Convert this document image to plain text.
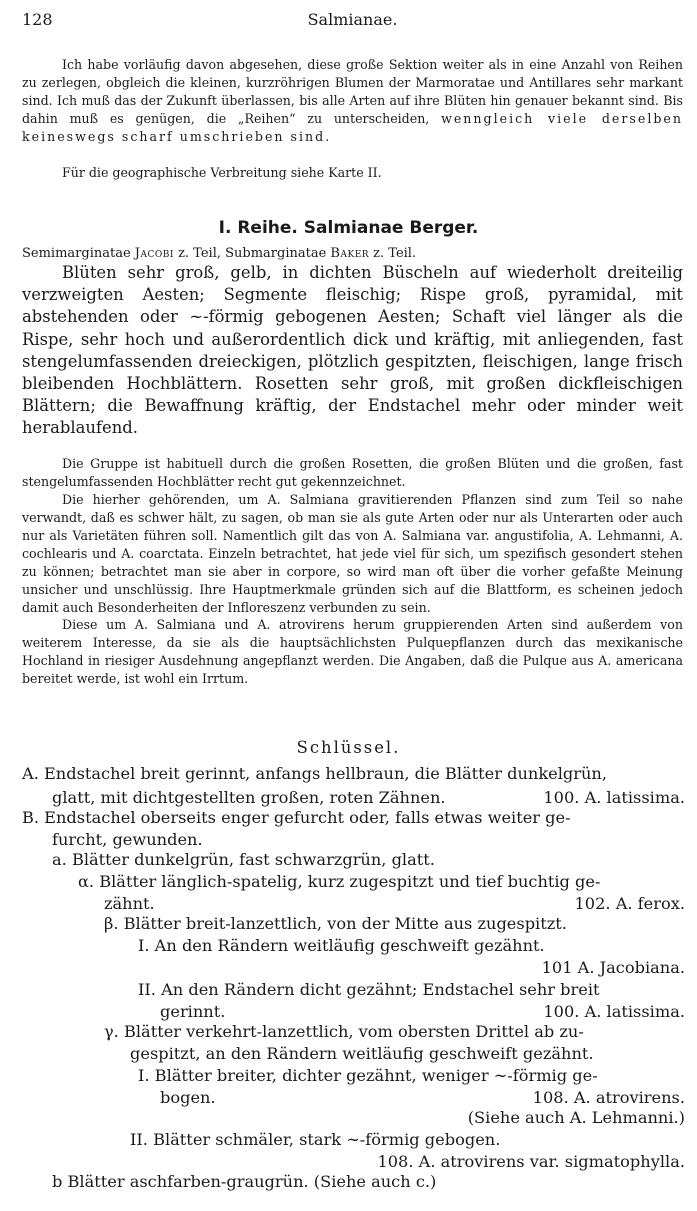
128	Salmianae.
Ich habe vorläufig davon abgesehen, diese große Sektion weiter als in eine Anzahl von Reihen zu zerlegen, obgleich die kleinen, kurzröhrigen Blumen der Marmoratae und Antillares sehr markant sind. Ich muß das der Zukunft überlassen, bis alle Arten auf ihre Blüten hin genauer bekannt sind. Bis dahin muß es genügen, die „Reihen“ zu unterscheiden, wenngleich viele derselben keineswegs scharf umschrieben sind.
Für die geographische Verbreitung siehe Karte II.
I. Reihe. Salmianae Berger.
Semimarginatae Jacobi z. Teil, Submarginatae Baker z. Teil.
Blüten sehr groß, gelb, in dichten Büscheln auf wiederholt dreiteilig verzweigten Aesten; Segmente fleischig; Rispe groß, pyramidal, mit abstehenden oder ∼-förmig gebogenen Aesten; Schaft viel länger als die Rispe, sehr hoch und außerordentlich dick und kräftig, mit anliegenden, fast stengelumfassenden dreieckigen, plötzlich gespitzten, fleischigen, lange frisch bleibenden Hochblättern. Rosetten sehr groß, mit großen dickfleischigen Blättern; die Bewaffnung kräftig, der Endstachel mehr oder minder weit herablaufend.
Die Gruppe ist habituell durch die großen Rosetten, die großen Blüten und die großen, fast stengelumfassenden Hochblätter recht gut gekennzeichnet.
Die hierher gehörenden, um A. Salmiana gravitierenden Pflanzen sind zum Teil so nahe verwandt, daß es schwer hält, zu sagen, ob man sie als gute Arten oder nur als Unterarten oder auch nur als Varietäten führen soll. Namentlich gilt das von A. Salmiana var. angustifolia, A. Lehmanni, A. cochlearis und A. coarctata. Einzeln betrachtet, hat jede viel für sich, um spezifisch gesondert stehen zu können; betrachtet man sie aber in corpore, so wird man oft über die vorher gefaßte Meinung unsicher und unschlüssig. Ihre Hauptmerkmale gründen sich auf die Blattform, es scheinen jedoch damit auch Besonderheiten der Infloreszenz verbunden zu sein.
Diese um A. Salmiana und A. atrovirens herum gruppierenden Arten sind außerdem von weiterem Interesse, da sie als die hauptsächlichsten Pulquepflanzen durch das mexikanische Hochland in riesiger Ausdehnung angepflanzt werden. Die Angaben, daß die Pulque aus A. americana bereitet werde, ist wohl ein Irrtum.
Schlüssel.
A. Endstachel breit gerinnt, anfangs hellbraun, die Blätter dunkelgrün,
glatt, mit dichtgestellten großen, roten Zähnen.	100. A. latissima.
B. Endstachel oberseits enger gefurcht oder, falls etwas weiter ge-
furcht, gewunden.
a. Blätter dunkelgrün, fast schwarzgrün, glatt.
α. Blätter länglich-spatelig, kurz zugespitzt und tief buchtig ge-
zähnt.	102. A. ferox.
β. Blätter breit-lanzettlich, von der Mitte aus zugespitzt.
I. An den Rändern weitläufig geschweift gezähnt.
101 A. Jacobiana.
II. An den Rändern dicht gezähnt; Endstachel sehr breit
gerinnt.	100. A. latissima.
γ. Blätter verkehrt-lanzettlich, vom obersten Drittel ab zu-
gespitzt, an den Rändern weitläufig geschweift gezähnt.
I. Blätter breiter, dichter gezähnt, weniger ∼-förmig ge-
bogen.	108. A. atrovirens.
(Siehe auch A. Lehmanni.)
II. Blätter schmäler, stark ∼-förmig gebogen.
108. A. atrovirens var. sigmatophylla.
b Blätter aschfarben-graugrün. (Siehe auch c.)
